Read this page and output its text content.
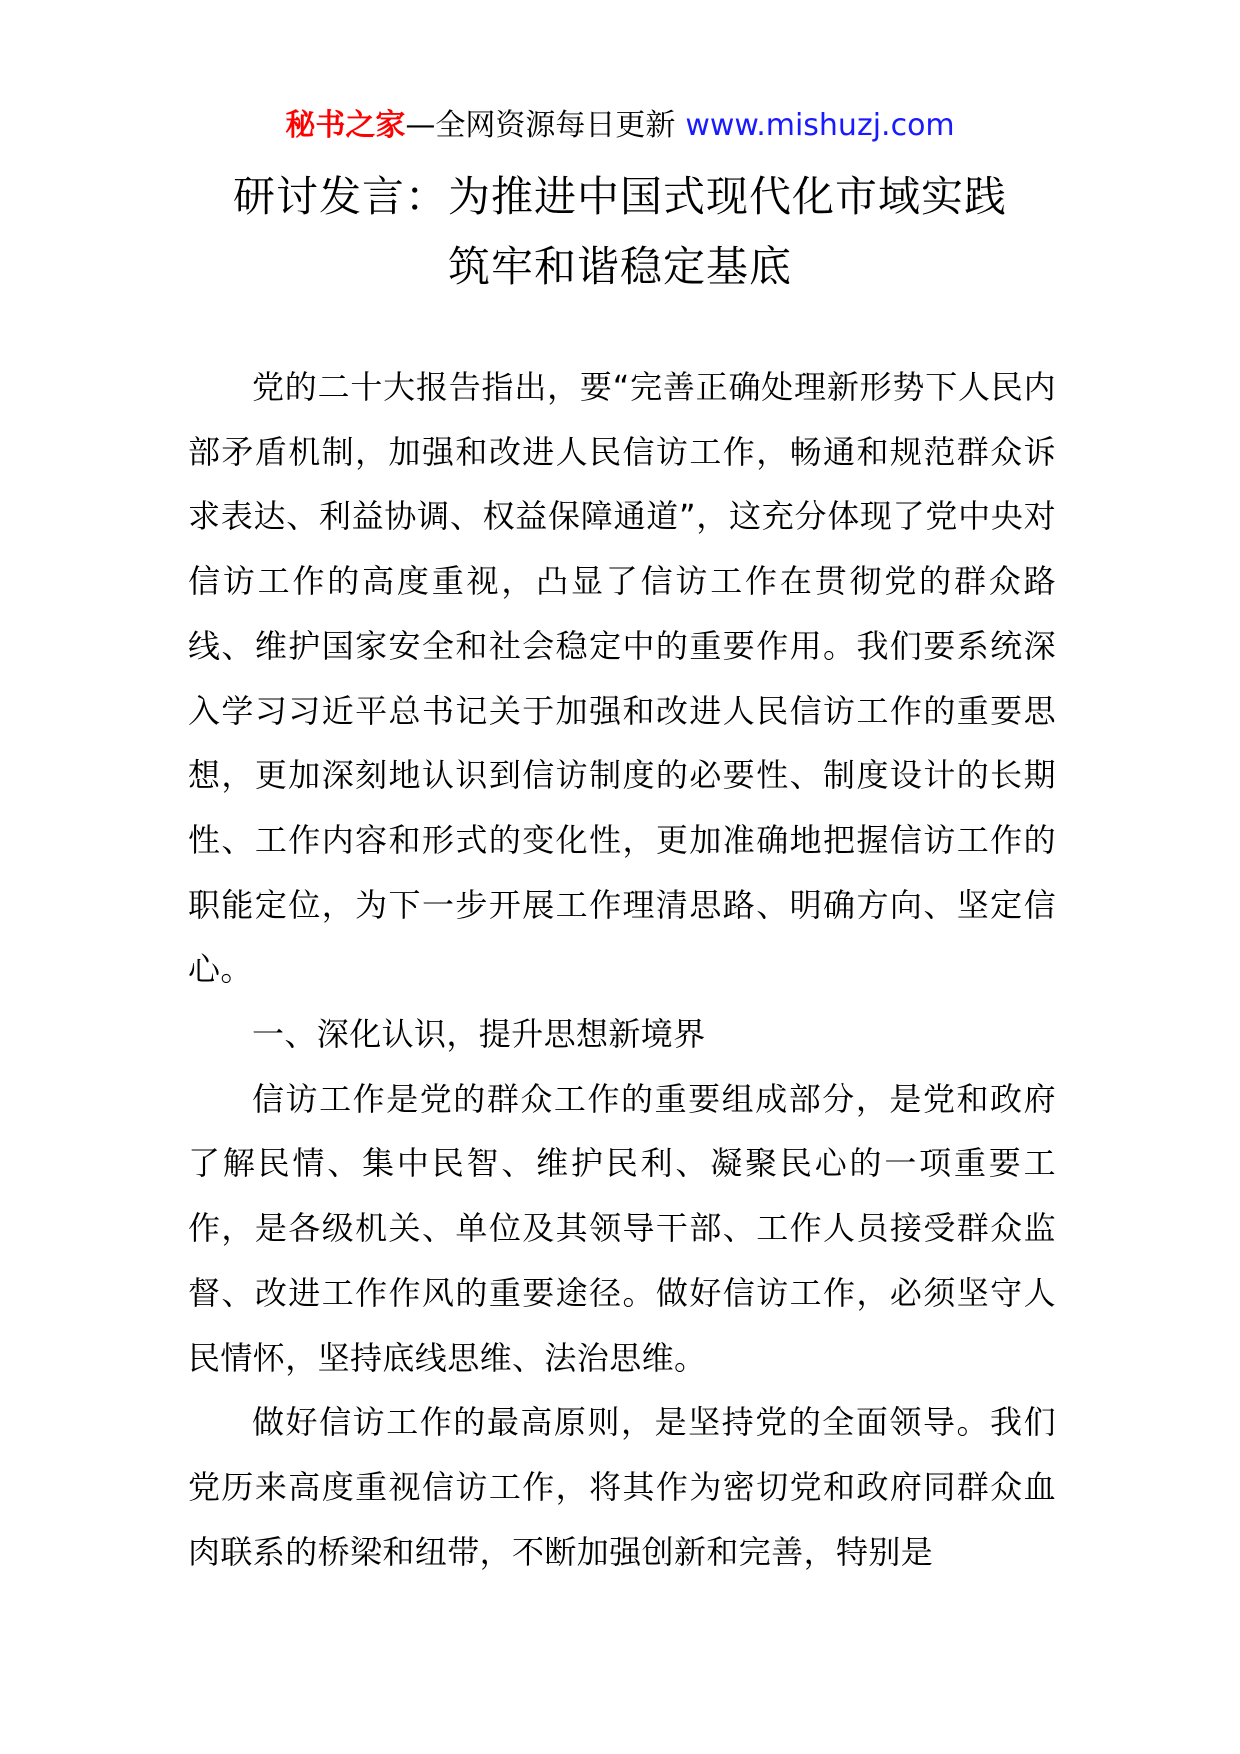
秘书之家—全网资源每日更新 www.mishuzj.com
研讨发言：为推进中国式现代化市域实践
筑牢和谐稳定基底

党的二十大报告指出，要“完善正确处理新形势下人民内部矛盾机制，加强和改进人民信访工作，畅通和规范群众诉求表达、利益协调、权益保障通道”，这充分体现了党中央对信访工作的高度重视，凸显了信访工作在贯彻党的群众路线、维护国家安全和社会稳定中的重要作用。我们要系统深入学习习近平总书记关于加强和改进人民信访工作的重要思想，更加深刻地认识到信访制度的必要性、制度设计的长期性、工作内容和形式的变化性，更加准确地把握信访工作的职能定位，为下一步开展工作理清思路、明确方向、坚定信心。

一、深化认识，提升思想新境界

信访工作是党的群众工作的重要组成部分，是党和政府了解民情、集中民智、维护民利、凝聚民心的一项重要工作，是各级机关、单位及其领导干部、工作人员接受群众监督、改进工作作风的重要途径。做好信访工作，必须坚守人民情怀，坚持底线思维、法治思维。

做好信访工作的最高原则，是坚持党的全面领导。我们党历来高度重视信访工作，将其作为密切党和政府同群众血肉联系的桥梁和纽带，不断加强创新和完善，特别是
